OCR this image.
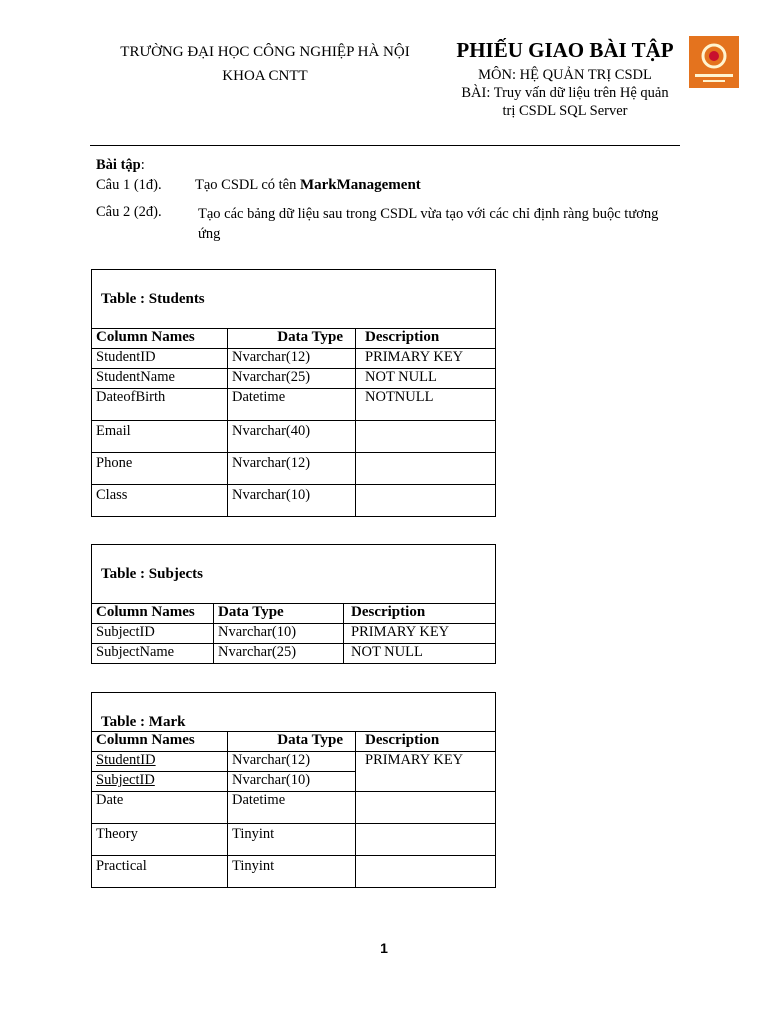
TRƯỜNG ĐẠI HỌC CÔNG NGHIỆP HÀ NỘI
KHOA CNTT
PHIẾU GIAO BÀI TẬP
MÔN: HỆ QUẢN TRỊ CSDL
BÀI: Truy vấn dữ liệu trên Hệ quản
trị CSDL SQL Server
Bài tập:
Câu 1 (1đ). Tạo CSDL có tên MarkManagement
Câu 2 (2đ).	Tạo các bảng dữ liệu sau trong CSDL vừa tạo với các chỉ định ràng buộc tương
ứng
Table : Students		
Column Names	Data Type	Description
StudentID	Nvarchar(12)	PRIMARY KEY
StudentName	Nvarchar(25)	NOT NULL
DateofBirth	Datetime	NOTNULL
Email	Nvarchar(40)	
Phone	Nvarchar(12)	
Class	Nvarchar(10)	
Table : Subjects		
Column Names	Data Type	Description
SubjectID	Nvarchar(10)	PRIMARY KEY
SubjectName	Nvarchar(25)	NOT NULL
Table : Mark		
Column Names	Data Type	Description
StudentID	Nvarchar(12)	PRIMARY KEY
SubjectID	Nvarchar(10)	
Date	Datetime	
Theory	Tinyint	
Practical	Tinyint	
1
